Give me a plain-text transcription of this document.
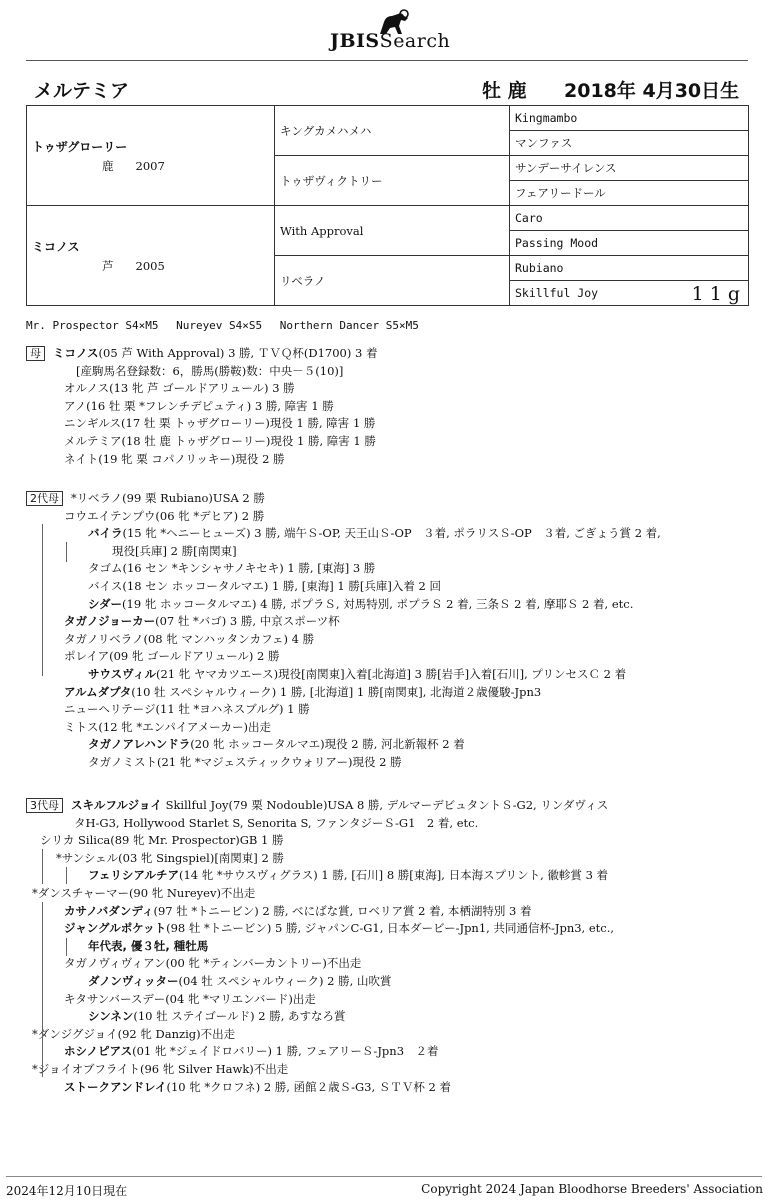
JBISSearch
メルテミア	牡 鹿 2018年 4月30日生
トゥザグローリー
鹿 2007	キングカメハメハ	Kingmambo
		マンファス
	トゥザヴィクトリー	サンデーサイレンス
		フェアリードール

ミコノス
芦 2005	With Approval	Caro
		Passing Mood
	リベラノ	Rubiano
		Skillful Joy 11g
Mr. Prospector S4×M5　 Nureyev S4×S5　 Northern Dancer S5×M5
母 ミコノス(05 芦 With Approval) 3 勝, ＴＶＱ杯(D1700) 3 着
[産駒馬名登録数：6，勝馬(勝鞍)数：中央－５(10)]
オルノス(13 牝 芦 ゴールドアリュール) 3 勝
アノ(16 牡 栗 *フレンチデピュティ) 3 勝, 障害 1 勝
ニンギルス(17 牡 栗 トゥザグローリー)現役 1 勝, 障害 1 勝
メルテミア(18 牡 鹿 トゥザグローリー)現役 1 勝, 障害 1 勝
ネイト(19 牝 栗 コパノリッキー)現役 2 勝
2代母 *リベラノ(99 栗 Rubiano)USA 2 勝
コウエイテンプウ(06 牝 *デヒア) 2 勝
バイラ(15 牝 *ヘニーヒューズ) 3 勝, 端午Ｓ-OP, 天王山Ｓ-OP　３着, ポラリスＳ-OP　３着, ごぎょう賞 2 着,
現役[兵庫] 2 勝[南関東]
タゴム(16 セン *キンシャサノキセキ) 1 勝, [東海] 3 勝
バイス(18 セン ホッコータルマエ) 1 勝, [東海] 1 勝[兵庫]入着 2 回
シダー(19 牝 ホッコータルマエ) 4 勝, ポプラＳ, 対馬特別, ポプラＳ 2 着, 三条Ｓ 2 着, 摩耶Ｓ 2 着, etc.
タガノジョーカー(07 牡 *バゴ) 3 勝, 中京スポーツ杯
タガノリベラノ(08 牝 マンハッタンカフェ) 4 勝
ポレイア(09 牝 ゴールドアリュール) 2 勝
サウスヴィル(21 牝 ヤマカツエース)現役[南関東]入着[北海道] 3 勝[岩手]入着[石川], プリンセスＣ 2 着
アルムダプタ(10 牡 スペシャルウィーク) 1 勝, [北海道] 1 勝[南関東], 北海道２歳優駿-Jpn3
ニューヘリテージ(11 牡 *ヨハネスブルグ) 1 勝
ミトス(12 牝 *エンパイアメーカー)出走
タガノアレハンドラ(20 牝 ホッコータルマエ)現役 2 勝, 河北新報杯 2 着
タガノミスト(21 牝 *マジェスティックウォリアー)現役 2 勝
3代母 スキルフルジョイ Skillful Joy(79 栗 Nodouble)USA 8 勝, デルマーデビュタントＳ-G2, リンダヴィス
タH-G3, Hollywood Starlet S, Senorita S, ファンタジーＳ-G1　2 着, etc.
シリカ Silica(89 牝 Mr. Prospector)GB 1 勝
*サンシェル(03 牝 Singspiel)[南関東] 2 勝
フェリシアルチア(14 牝 *サウスヴィグラス) 1 勝, [石川] 8 勝[東海], 日本海スプリント, 徽軫賞 3 着
*ダンスチャーマー(90 牝 Nureyev)不出走
カサノバダンディ(97 牡 *トニービン) 2 勝, べにばな賞, ロベリア賞 2 着, 本栖湖特別 3 着
ジャングルポケット(98 牡 *トニービン) 5 勝, ジャパンC-G1, 日本ダービー-Jpn1, 共同通信杯-Jpn3, etc.,
年代表, 優３牡, 種牡馬
タガノヴィヴィアン(00 牝 *ティンバーカントリー)不出走
ダノンヴィッター(04 牡 スペシャルウィーク) 2 勝, 山吹賞
キタサンバースデー(04 牝 *マリエンバード)出走
シンネン(10 牡 ステイゴールド) 2 勝, あすなろ賞
*ダンジグジョイ(92 牝 Danzig)不出走
ホシノピアス(01 牝 *ジェイドロバリー) 1 勝, フェアリーＳ-Jpn3　２着
*ジョイオブフライト(96 牝 Silver Hawk)不出走
ストークアンドレイ(10 牝 *クロフネ) 2 勝, 函館２歳Ｓ-G3, ＳＴＶ杯 2 着
2024年12月10日現在	Copyright 2024 Japan Bloodhorse Breeders' Association
